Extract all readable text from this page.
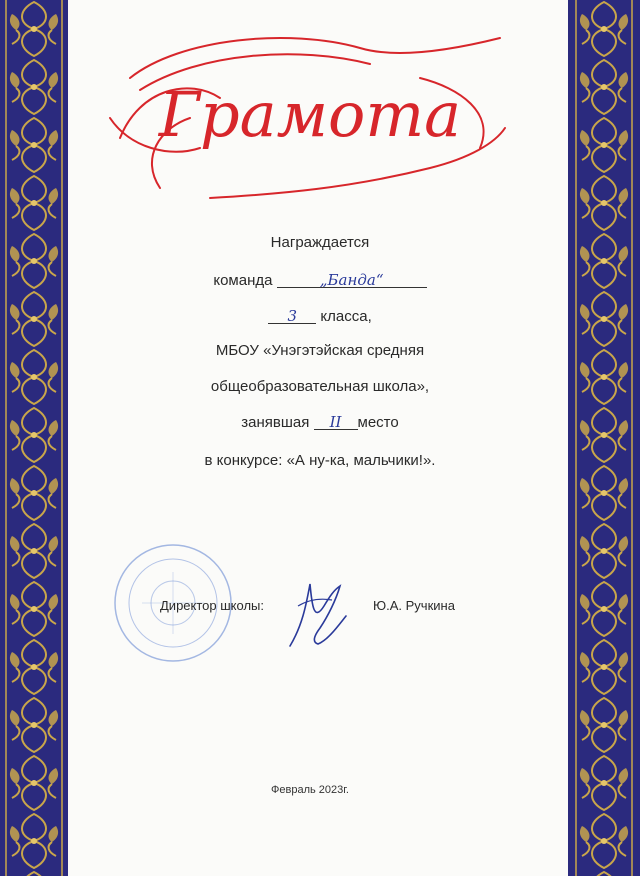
Грамота
Награждается
команда	„Банда“
3 класса,
МБОУ «Унэгэтэйская средняя
общеобразовательная школа»,
занявшая II место
в конкурсе: «А ну-ка, мальчики!».
Директор школы:	Ю.А. Ручкина
Февраль 2023г.
